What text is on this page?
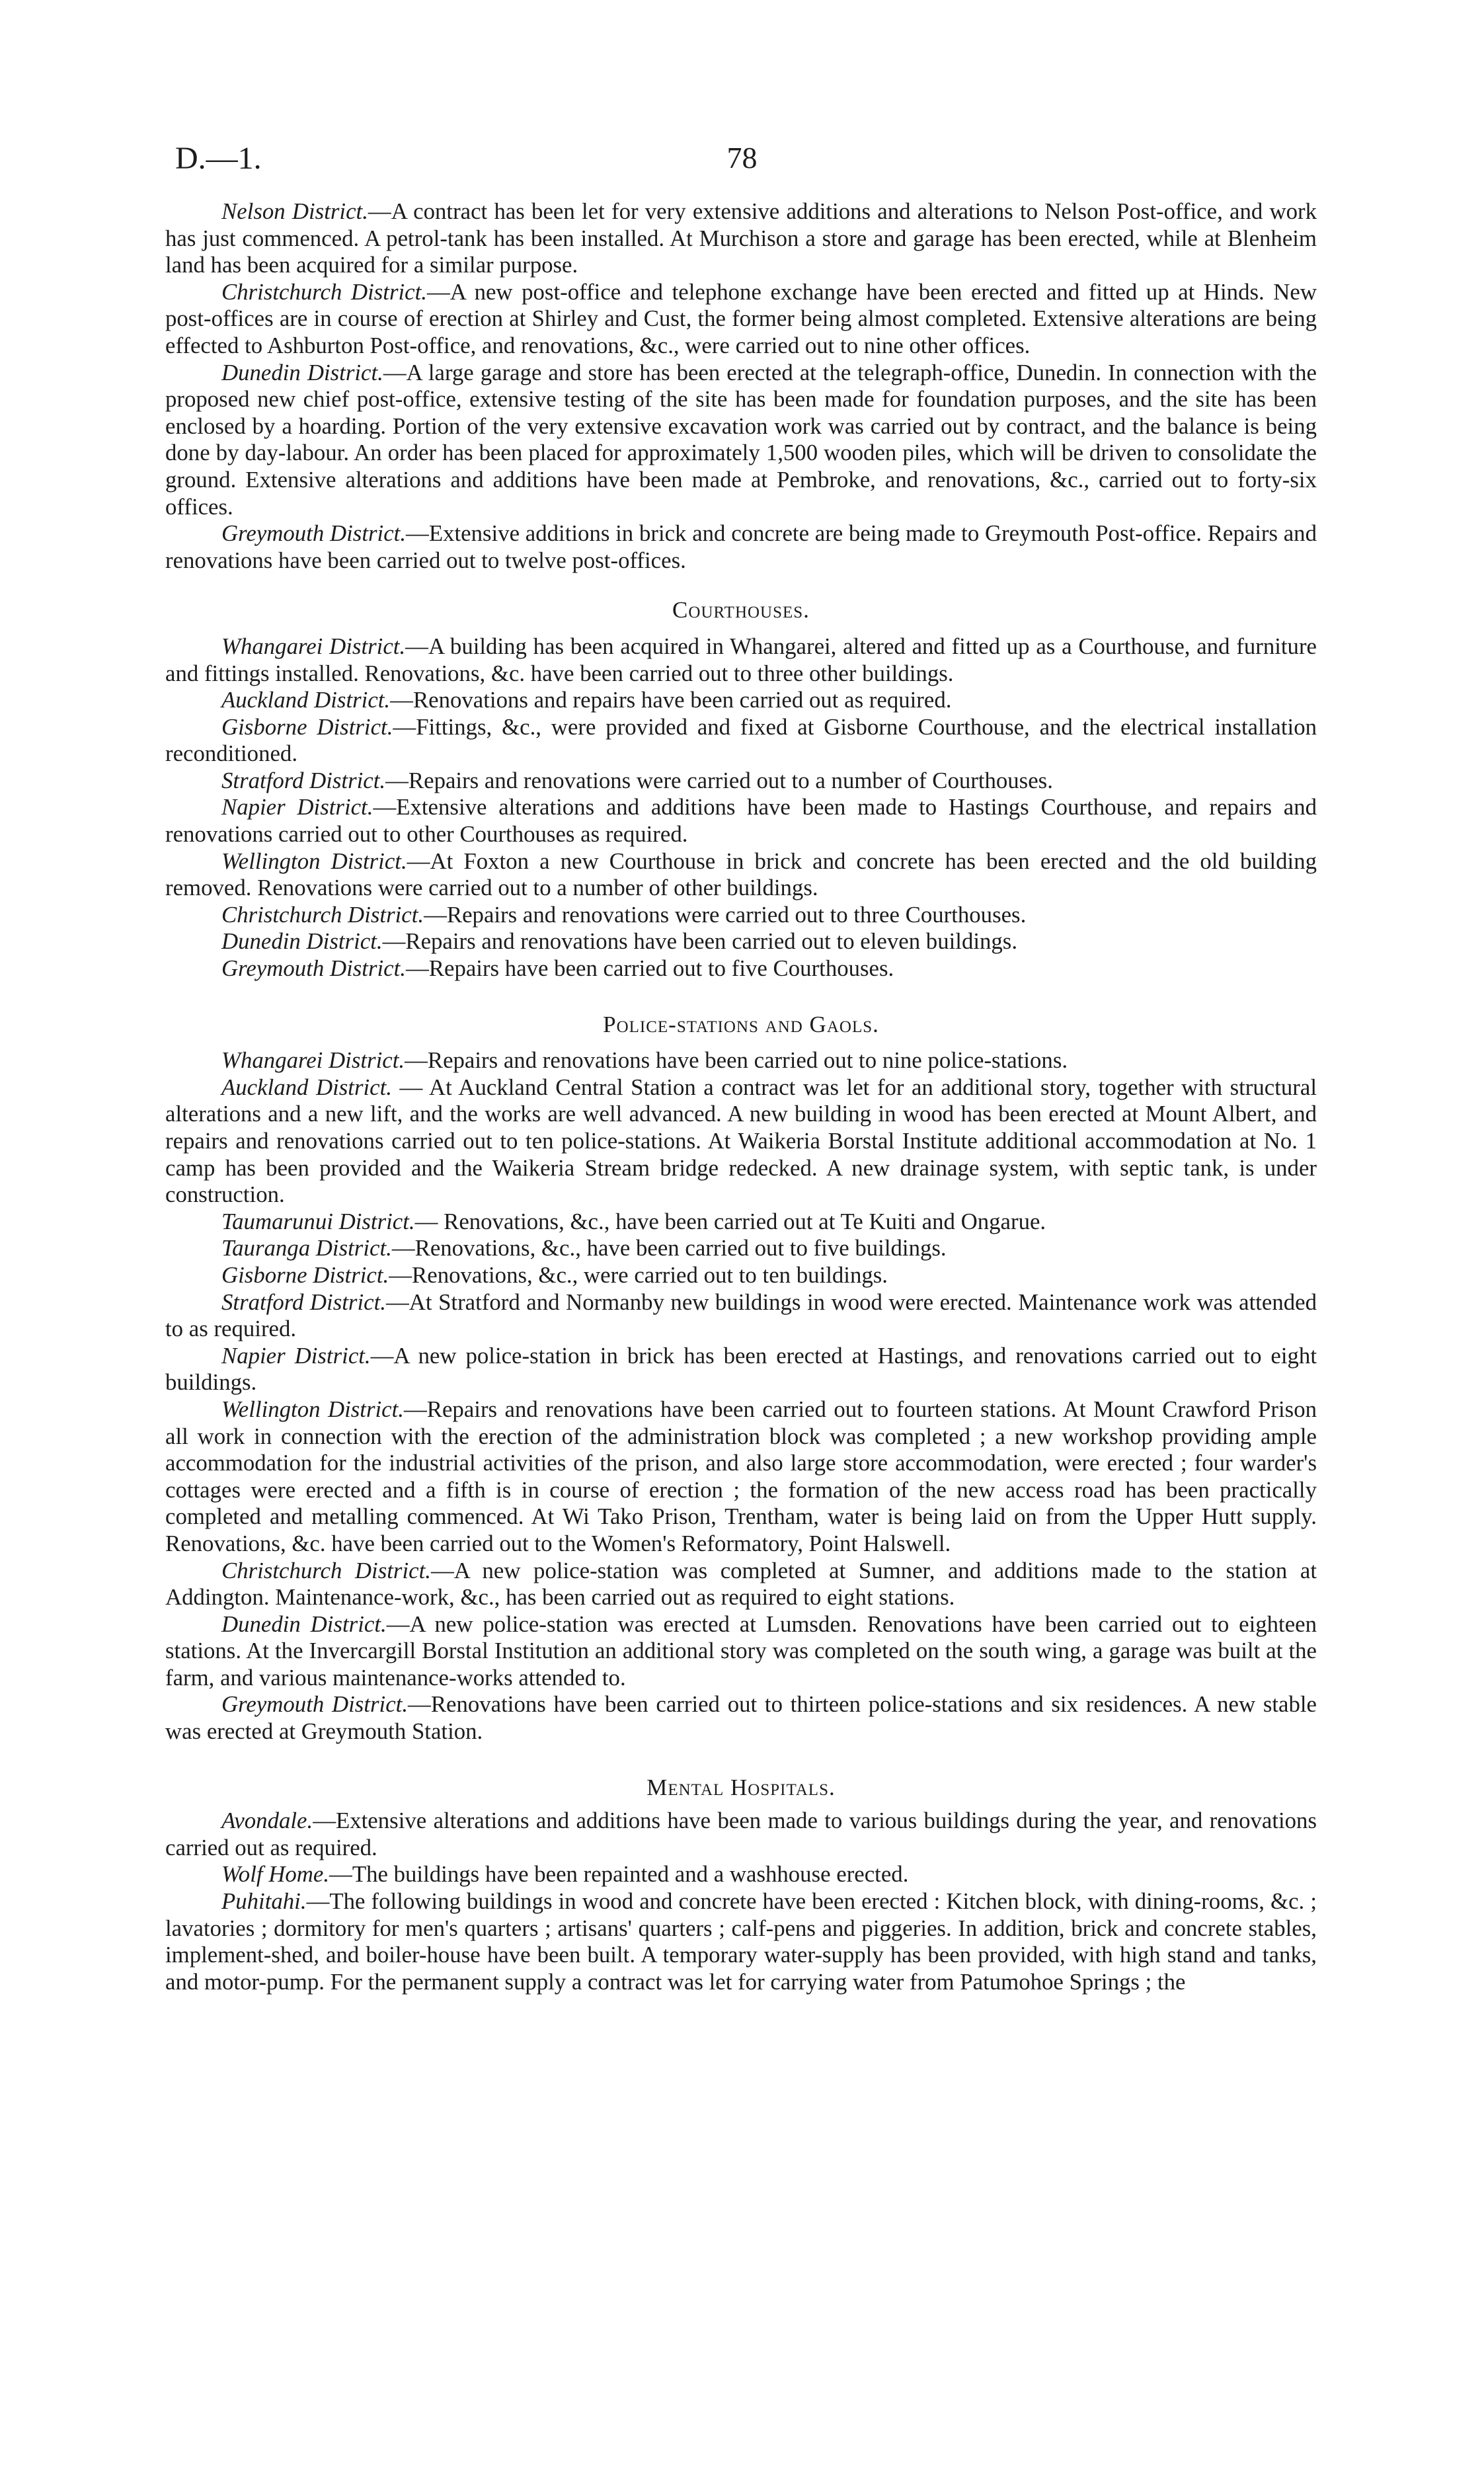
D.—1.	78

Nelson District.—A contract has been let for very extensive additions and alterations to Nelson Post-office, and work has just commenced. A petrol-tank has been installed. At Murchison a store and garage has been erected, while at Blenheim land has been acquired for a similar purpose.

Christchurch District.—A new post-office and telephone exchange have been erected and fitted up at Hinds. New post-offices are in course of erection at Shirley and Cust, the former being almost completed. Extensive alterations are being effected to Ashburton Post-office, and renovations, &c., were carried out to nine other offices.

Dunedin District.—A large garage and store has been erected at the telegraph-office, Dunedin. In connection with the proposed new chief post-office, extensive testing of the site has been made for foundation purposes, and the site has been enclosed by a hoarding. Portion of the very extensive excavation work was carried out by contract, and the balance is being done by day-labour. An order has been placed for approximately 1,500 wooden piles, which will be driven to consolidate the ground. Extensive alterations and additions have been made at Pembroke, and renovations, &c., carried out to forty-six offices.

Greymouth District.—Extensive additions in brick and concrete are being made to Greymouth Post-office. Repairs and renovations have been carried out to twelve post-offices.

Courthouses.

Whangarei District.—A building has been acquired in Whangarei, altered and fitted up as a Courthouse, and furniture and fittings installed. Renovations, &c. have been carried out to three other buildings.

Auckland District.—Renovations and repairs have been carried out as required.

Gisborne District.—Fittings, &c., were provided and fixed at Gisborne Courthouse, and the electrical installation reconditioned.

Stratford District.—Repairs and renovations were carried out to a number of Courthouses.

Napier District.—Extensive alterations and additions have been made to Hastings Courthouse, and repairs and renovations carried out to other Courthouses as required.

Wellington District.—At Foxton a new Courthouse in brick and concrete has been erected and the old building removed. Renovations were carried out to a number of other buildings.

Christchurch District.—Repairs and renovations were carried out to three Courthouses.

Dunedin District.—Repairs and renovations have been carried out to eleven buildings.

Greymouth District.—Repairs have been carried out to five Courthouses.

Police-stations and Gaols.

Whangarei District.—Repairs and renovations have been carried out to nine police-stations.

Auckland District. — At Auckland Central Station a contract was let for an additional story, together with structural alterations and a new lift, and the works are well advanced. A new building in wood has been erected at Mount Albert, and repairs and renovations carried out to ten police-stations. At Waikeria Borstal Institute additional accommodation at No. 1 camp has been provided and the Waikeria Stream bridge redecked. A new drainage system, with septic tank, is under construction.

Taumarunui District.— Renovations, &c., have been carried out at Te Kuiti and Ongarue.

Tauranga District.—Renovations, &c., have been carried out to five buildings.

Gisborne District.—Renovations, &c., were carried out to ten buildings.

Stratford District.—At Stratford and Normanby new buildings in wood were erected. Maintenance work was attended to as required.

Napier District.—A new police-station in brick has been erected at Hastings, and renovations carried out to eight buildings.

Wellington District.—Repairs and renovations have been carried out to fourteen stations. At Mount Crawford Prison all work in connection with the erection of the administration block was completed ; a new workshop providing ample accommodation for the industrial activities of the prison, and also large store accommodation, were erected ; four warder's cottages were erected and a fifth is in course of erection ; the formation of the new access road has been practically completed and metalling commenced. At Wi Tako Prison, Trentham, water is being laid on from the Upper Hutt supply. Renovations, &c. have been carried out to the Women's Reformatory, Point Halswell.

Christchurch District.—A new police-station was completed at Sumner, and additions made to the station at Addington. Maintenance-work, &c., has been carried out as required to eight stations.

Dunedin District.—A new police-station was erected at Lumsden. Renovations have been carried out to eighteen stations. At the Invercargill Borstal Institution an additional story was completed on the south wing, a garage was built at the farm, and various maintenance-works attended to.

Greymouth District.—Renovations have been carried out to thirteen police-stations and six residences. A new stable was erected at Greymouth Station.

Mental Hospitals.

Avondale.—Extensive alterations and additions have been made to various buildings during the year, and renovations carried out as required.

Wolf Home.—The buildings have been repainted and a washhouse erected.

Puhitahi.—The following buildings in wood and concrete have been erected : Kitchen block, with dining-rooms, &c. ; lavatories ; dormitory for men's quarters ; artisans' quarters ; calf-pens and piggeries. In addition, brick and concrete stables, implement-shed, and boiler-house have been built. A temporary water-supply has been provided, with high stand and tanks, and motor-pump. For the permanent supply a contract was let for carrying water from Patumohoe Springs ; the
